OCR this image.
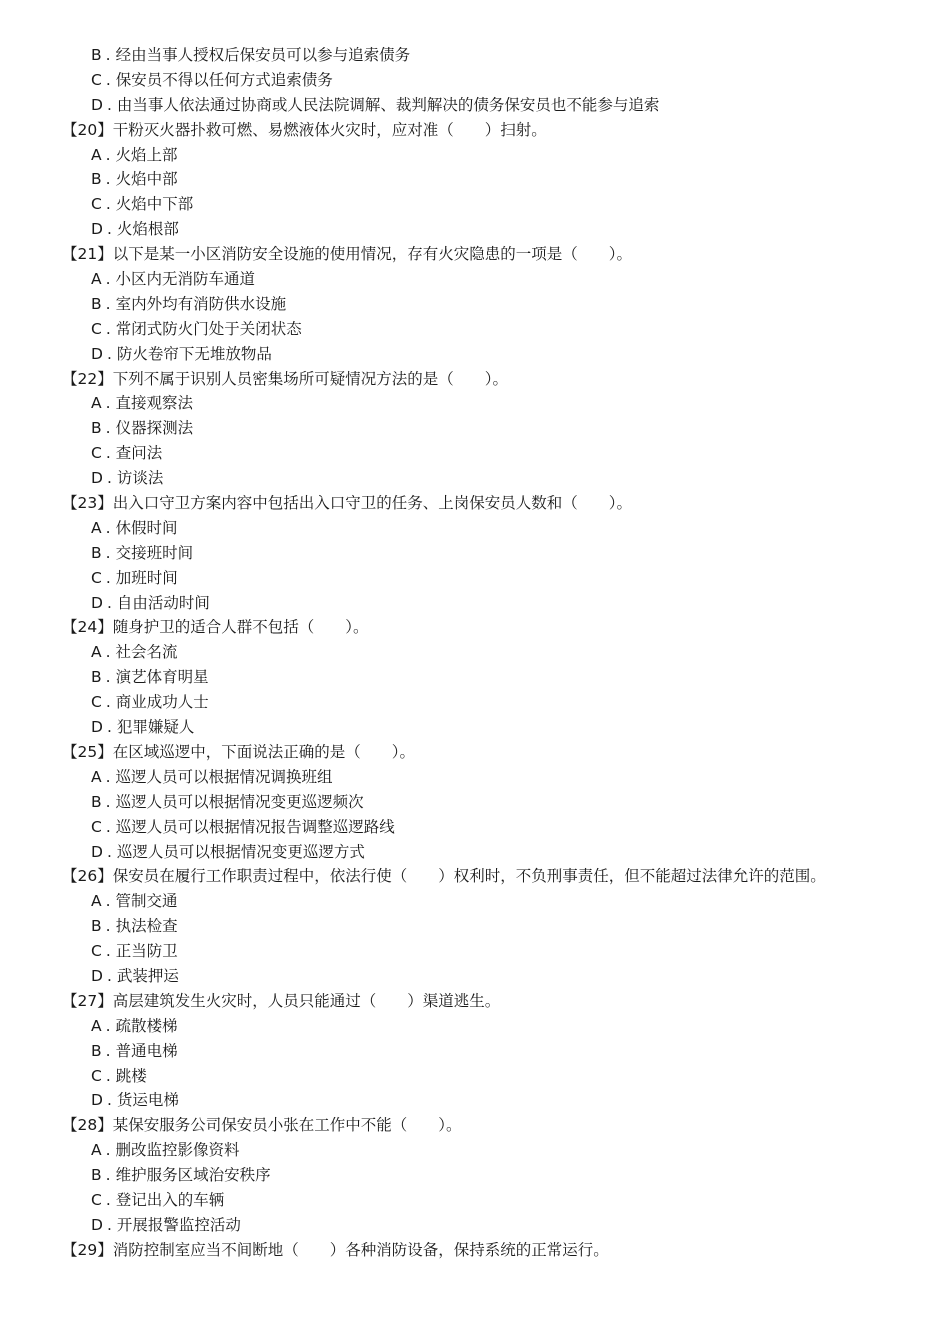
B . 经由当事人授权后保安员可以参与追索债务
C . 保安员不得以任何方式追索债务
D . 由当事人依法通过协商或人民法院调解、裁判解决的债务保安员也不能参与追索
【20】干粉灭火器扑救可燃、易燃液体火灾时，应对准（　　）扫射。
A . 火焰上部
B . 火焰中部
C . 火焰中下部
D . 火焰根部
【21】以下是某一小区消防安全设施的使用情况，存有火灾隐患的一项是（　　）。
A . 小区内无消防车通道
B . 室内外均有消防供水设施
C . 常闭式防火门处于关闭状态
D . 防火卷帘下无堆放物品
【22】下列不属于识别人员密集场所可疑情况方法的是（　　）。
A . 直接观察法
B . 仪器探测法
C . 查问法
D . 访谈法
【23】出入口守卫方案内容中包括出入口守卫的任务、上岗保安员人数和（　　）。
A . 休假时间
B . 交接班时间
C . 加班时间
D . 自由活动时间
【24】随身护卫的适合人群不包括（　　）。
A . 社会名流
B . 演艺体育明星
C . 商业成功人士
D . 犯罪嫌疑人
【25】在区域巡逻中，下面说法正确的是（　　）。
A . 巡逻人员可以根据情况调换班组
B . 巡逻人员可以根据情况变更巡逻频次
C . 巡逻人员可以根据情况报告调整巡逻路线
D . 巡逻人员可以根据情况变更巡逻方式
【26】保安员在履行工作职责过程中，依法行使（　　）权利时，不负刑事责任，但不能超过法律允许的范围。
A . 管制交通
B . 执法检查
C . 正当防卫
D . 武装押运
【27】高层建筑发生火灾时，人员只能通过（　　）渠道逃生。
A . 疏散楼梯
B . 普通电梯
C . 跳楼
D . 货运电梯
【28】某保安服务公司保安员小张在工作中不能（　　）。
A . 删改监控影像资料
B . 维护服务区域治安秩序
C . 登记出入的车辆
D . 开展报警监控活动
【29】消防控制室应当不间断地（　　）各种消防设备，保持系统的正常运行。
